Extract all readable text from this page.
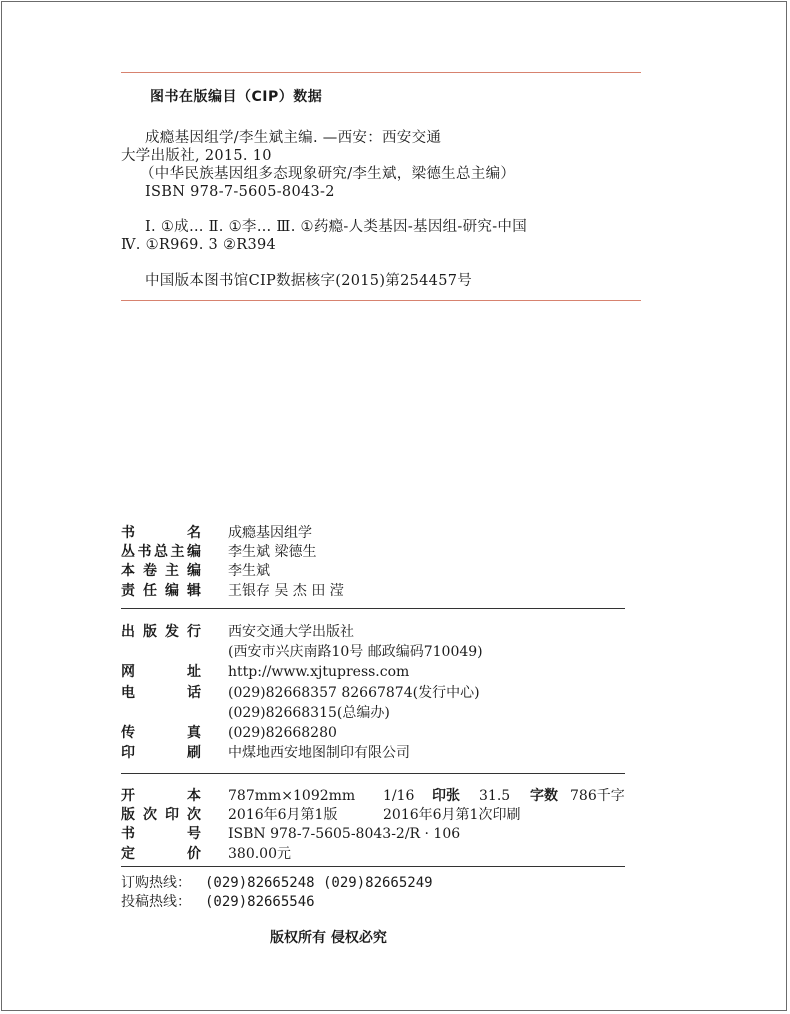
图书在版编目（CIP）数据
成瘾基因组学/李生斌主编. —西安：西安交通
大学出版社, 2015. 10
（中华民族基因组多态现象研究/李生斌，梁德生总主编）
ISBN 978-7-5605-8043-2
Ⅰ. ①成… Ⅱ. ①李… Ⅲ. ①药瘾-人类基因-基因组-研究-中国
Ⅳ. ①R969. 3 ②R394
中国版本图书馆CIP数据核字(2015)第254457号
书	名 成瘾基因组学
丛 书 总 主 编 李生斌 梁德生
本 卷 主 编 李生斌
责 任 编 辑 王银存 吴 杰 田 滢
出 版 发 行 西安交通大学出版社
(西安市兴庆南路10号 邮政编码710049)
网	址 http://www.xjtupress.com
电	话 (029)82668357 82667874(发行中心)
(029)82668315(总编办)
传	真 (029)82668280
印	刷 中煤地西安地图制印有限公司
开	本 787mm×1092mm 1/16 印张 31.5 字数 786千字
版 次 印 次 2016年6月第1版	2016年6月第1次印刷
书	号 ISBN 978-7-5605-8043-2/R · 106
定	价 380.00元
订购热线： (029)82665248 (029)82665249
投稿热线： (029)82665546
版权所有 侵权必究
